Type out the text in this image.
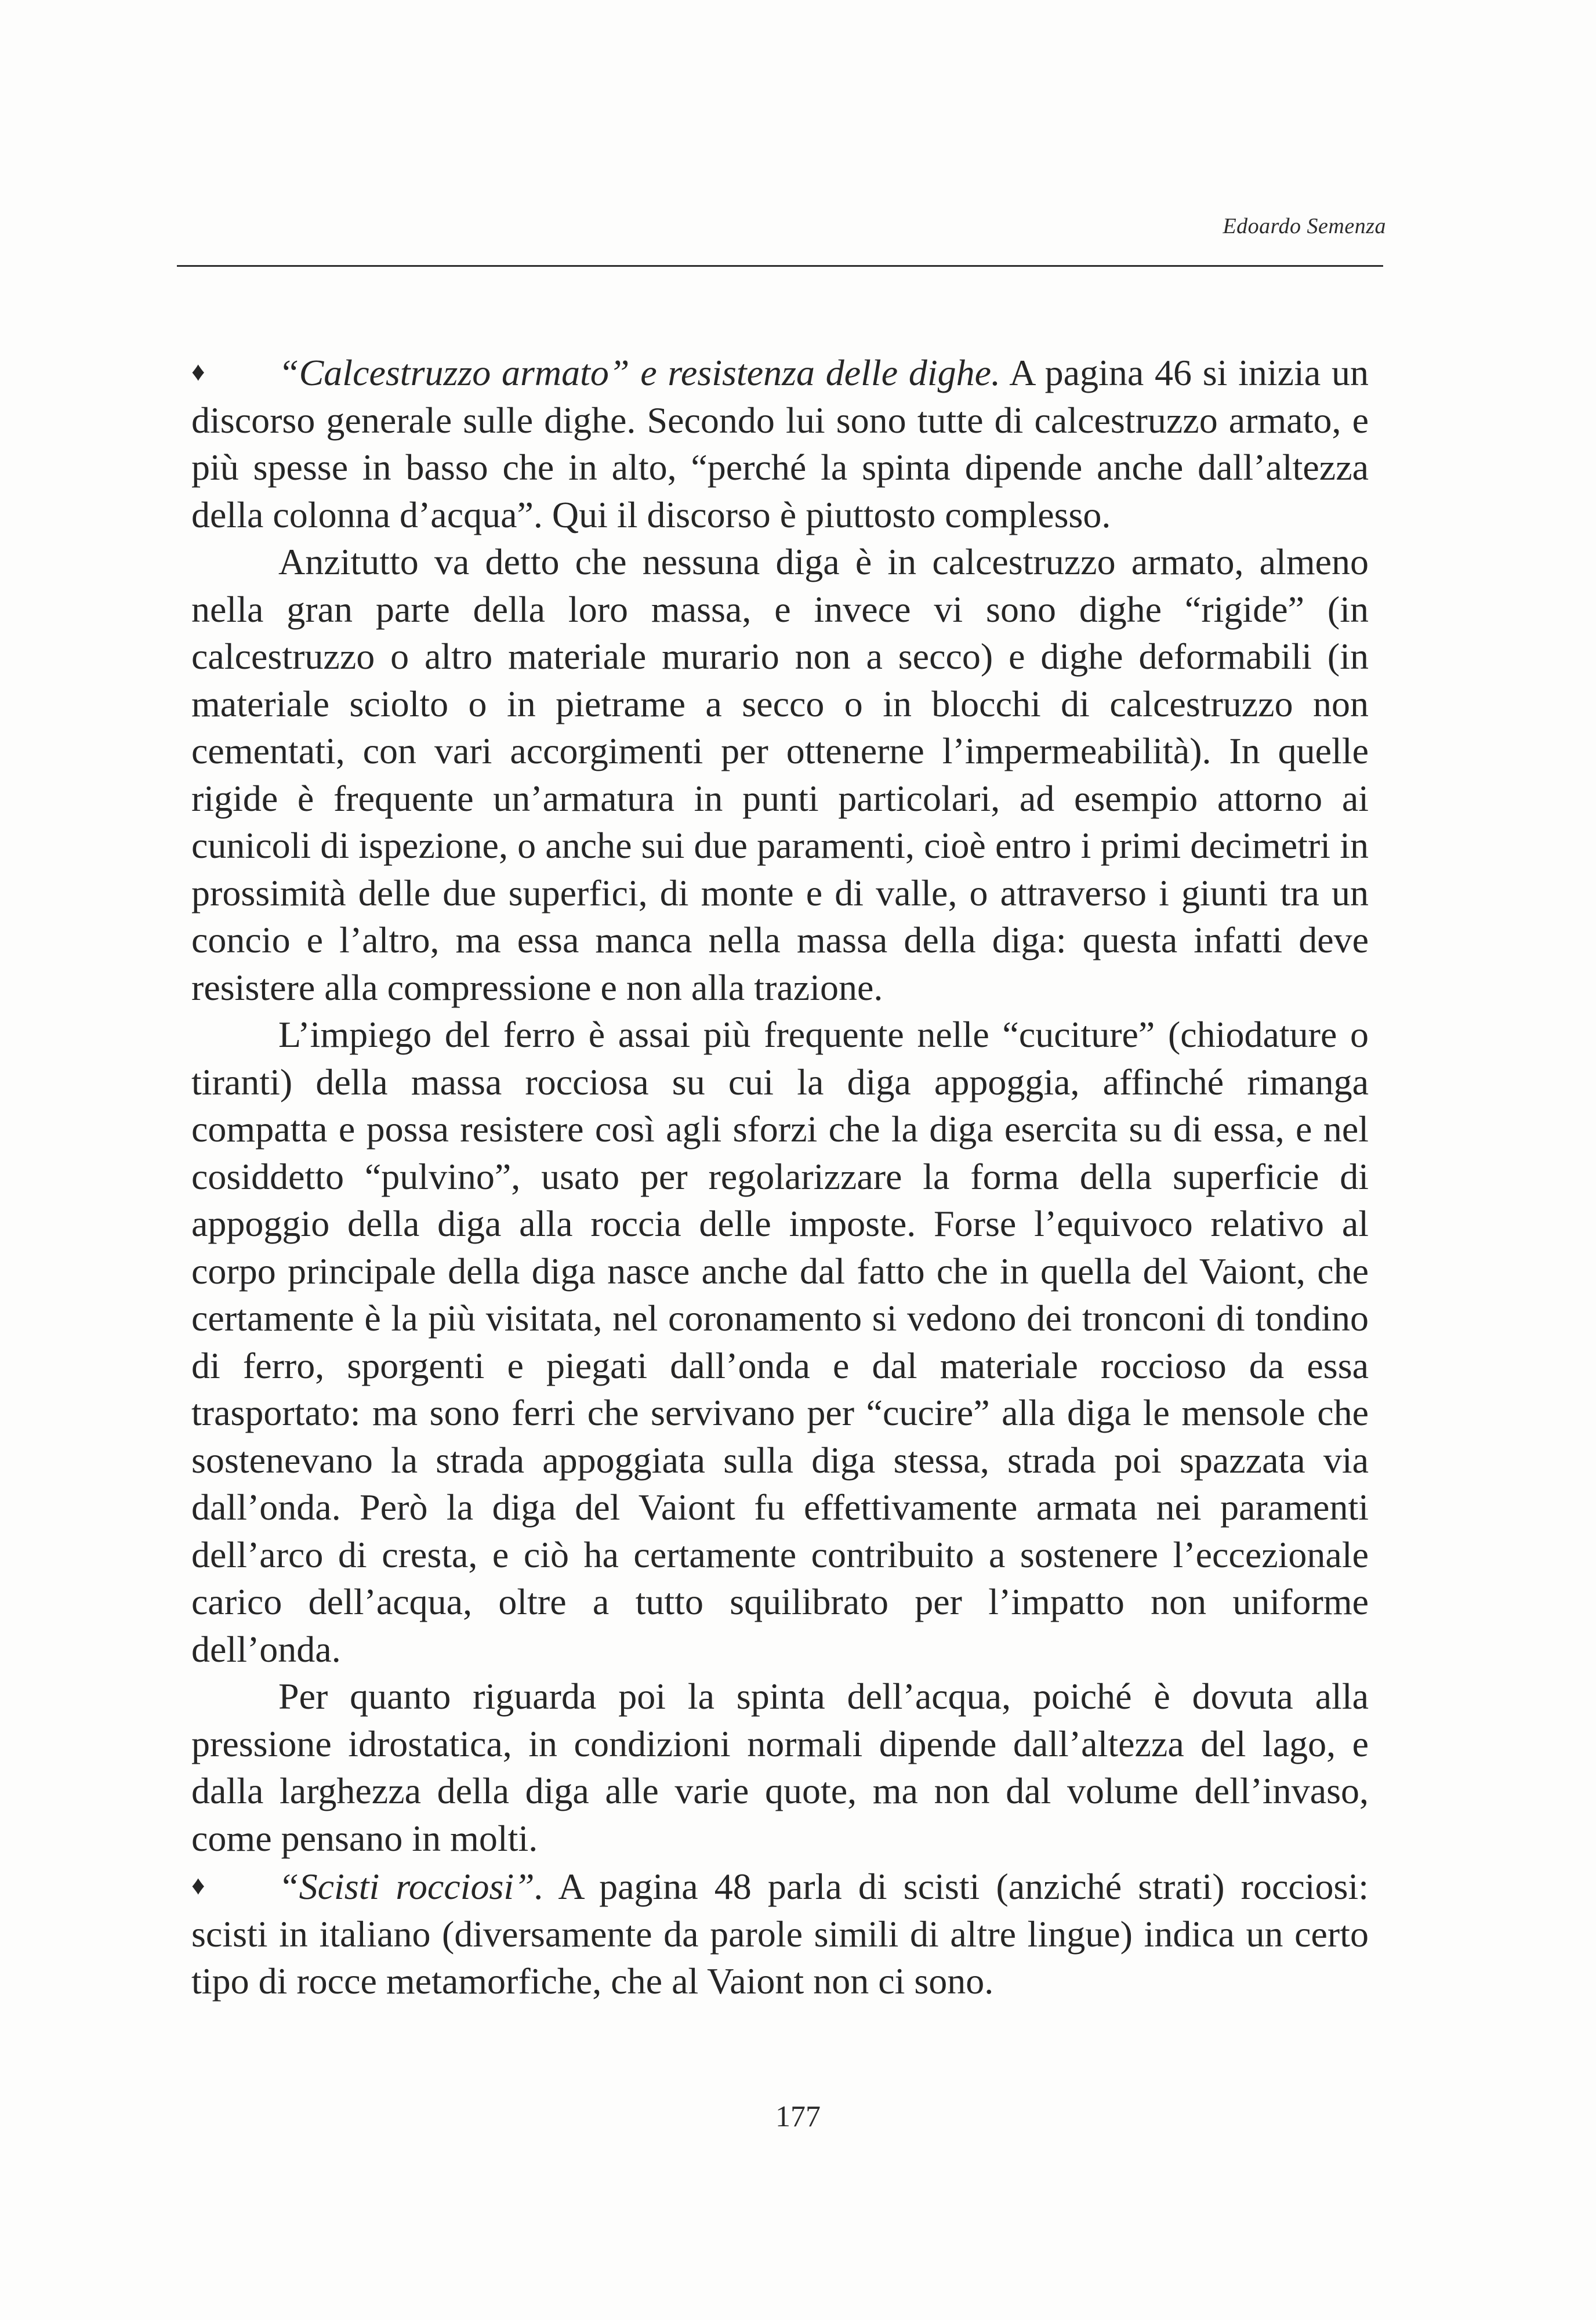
Edoardo Semenza

♦ “Calcestruzzo armato” e resistenza delle dighe. A pagina 46 si inizia un discorso generale sulle dighe. Secondo lui sono tutte di calcestruzzo armato, e più spesse in basso che in alto, “perché la spinta dipende anche dall’altezza della colonna d’acqua”. Qui il discorso è piuttosto complesso.

Anzitutto va detto che nessuna diga è in calcestruzzo armato, almeno nella gran parte della loro massa, e invece vi sono dighe “rigide” (in calcestruzzo o altro materiale murario non a secco) e dighe deformabili (in materiale sciolto o in pietrame a secco o in blocchi di calcestruzzo non cementati, con vari accorgimenti per ottenerne l’impermeabilità). In quelle rigide è frequente un’armatura in punti particolari, ad esempio attorno ai cunicoli di ispezione, o anche sui due paramenti, cioè entro i primi decimetri in prossimità delle due superfici, di monte e di valle, o attraverso i giunti tra un concio e l’altro, ma essa manca nella massa della diga: questa infatti deve resistere alla compressione e non alla trazione.

L’impiego del ferro è assai più frequente nelle “cuciture” (chiodature o tiranti) della massa rocciosa su cui la diga appoggia, affinché rimanga compatta e possa resistere così agli sforzi che la diga esercita su di essa, e nel cosiddetto “pulvino”, usato per regolarizzare la forma della superficie di appoggio della diga alla roccia delle imposte. Forse l’equivoco relativo al corpo principale della diga nasce anche dal fatto che in quella del Vaiont, che certamente è la più visitata, nel coronamento si vedono dei tronconi di tondino di ferro, sporgenti e piegati dall’onda e dal materiale roccioso da essa trasportato: ma sono ferri che servivano per “cucire” alla diga le mensole che sostenevano la strada appoggiata sulla diga stessa, strada poi spazzata via dall’onda. Però la diga del Vaiont fu effettivamente armata nei paramenti dell’arco di cresta, e ciò ha certamente contribuito a sostenere l’eccezionale carico dell’acqua, oltre a tutto squilibrato per l’impatto non uniforme dell’onda.

Per quanto riguarda poi la spinta dell’acqua, poiché è dovuta alla pressione idrostatica, in condizioni normali dipende dall’altezza del lago, e dalla larghezza della diga alle varie quote, ma non dal volume dell’invaso, come pensano in molti.

♦ “Scisti rocciosi”. A pagina 48 parla di scisti (anziché strati) rocciosi: scisti in italiano (diversamente da parole simili di altre lingue) indica un certo tipo di rocce metamorfiche, che al Vaiont non ci sono.

177
